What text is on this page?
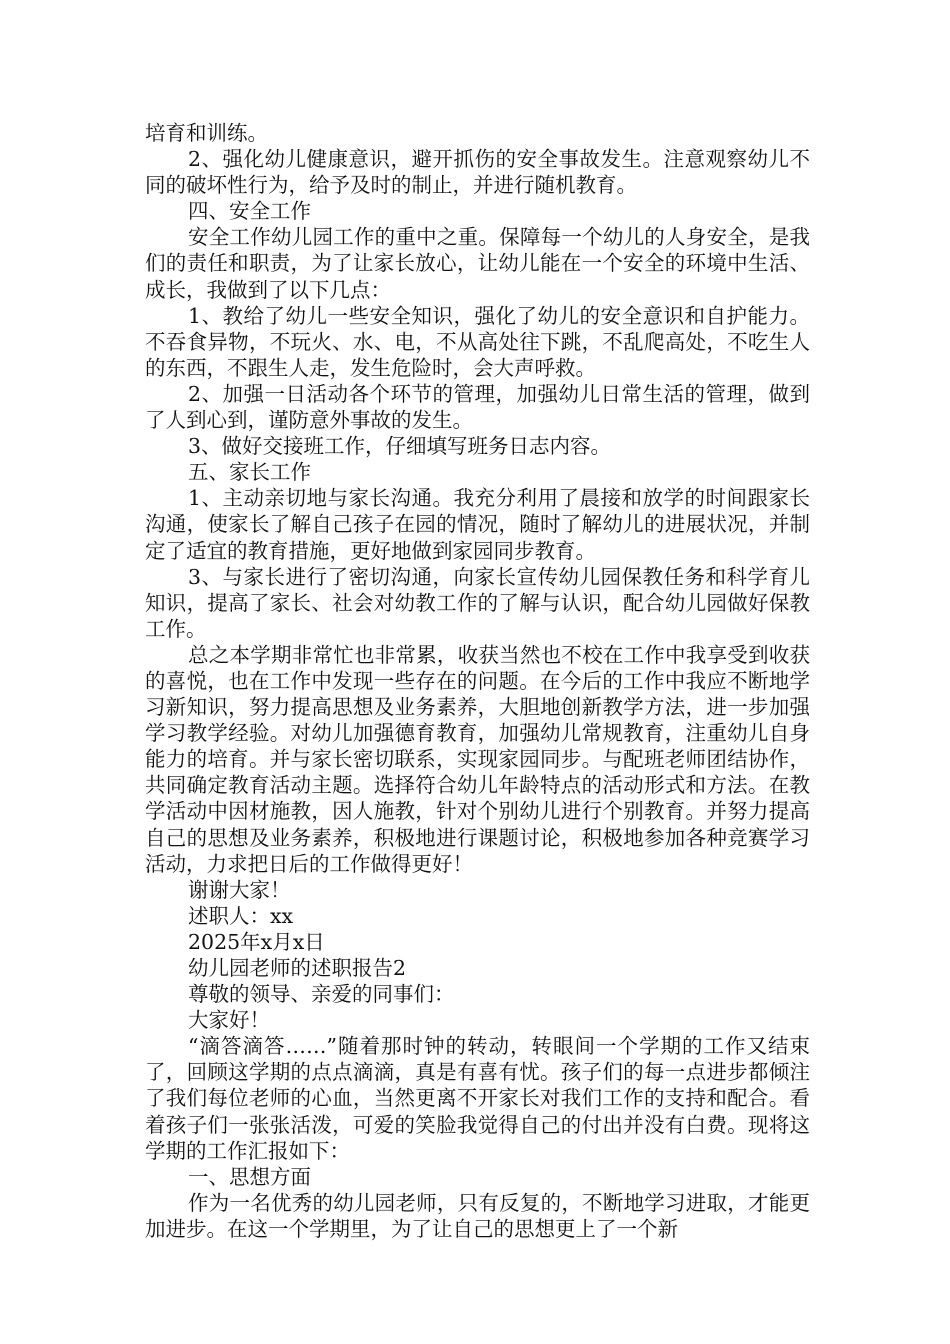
培育和训练。

2、强化幼儿健康意识，避开抓伤的安全事故发生。注意观察幼儿不同的破坏性行为，给予及时的制止，并进行随机教育。

四、安全工作

安全工作幼儿园工作的重中之重。保障每一个幼儿的人身安全，是我们的责任和职责，为了让家长放心，让幼儿能在一个安全的环境中生活、成长，我做到了以下几点：

1、教给了幼儿一些安全知识，强化了幼儿的安全意识和自护能力。不吞食异物，不玩火、水、电，不从高处往下跳，不乱爬高处，不吃生人的东西，不跟生人走，发生危险时，会大声呼救。

2、加强一日活动各个环节的管理，加强幼儿日常生活的管理，做到了人到心到，谨防意外事故的发生。

3、做好交接班工作，仔细填写班务日志内容。

五、家长工作

1、主动亲切地与家长沟通。我充分利用了晨接和放学的时间跟家长沟通，使家长了解自己孩子在园的情况，随时了解幼儿的进展状况，并制定了适宜的教育措施，更好地做到家园同步教育。

3、与家长进行了密切沟通，向家长宣传幼儿园保教任务和科学育儿知识，提高了家长、社会对幼教工作的了解与认识，配合幼儿园做好保教工作。

总之本学期非常忙也非常累，收获当然也不校在工作中我享受到收获的喜悦，也在工作中发现一些存在的问题。在今后的工作中我应不断地学习新知识，努力提高思想及业务素养，大胆地创新教学方法，进一步加强学习教学经验。对幼儿加强德育教育，加强幼儿常规教育，注重幼儿自身能力的培育。并与家长密切联系，实现家园同步。与配班老师团结协作，共同确定教育活动主题。选择符合幼儿年龄特点的活动形式和方法。在教学活动中因材施教，因人施教，针对个别幼儿进行个别教育。并努力提高自己的思想及业务素养，积极地进行课题讨论，积极地参加各种竞赛学习活动，力求把日后的工作做得更好！

谢谢大家！

述职人：xx

2025年x月x日

幼儿园老师的述职报告2

尊敬的领导、亲爱的同事们：

大家好！

“滴答滴答……”随着那时钟的转动，转眼间一个学期的工作又结束了，回顾这学期的点点滴滴，真是有喜有忧。孩子们的每一点进步都倾注了我们每位老师的心血，当然更离不开家长对我们工作的支持和配合。看着孩子们一张张活泼，可爱的笑脸我觉得自己的付出并没有白费。现将这学期的工作汇报如下：

一、思想方面

作为一名优秀的幼儿园老师，只有反复的，不断地学习进取，才能更加进步。在这一个学期里，为了让自己的思想更上了一个新
